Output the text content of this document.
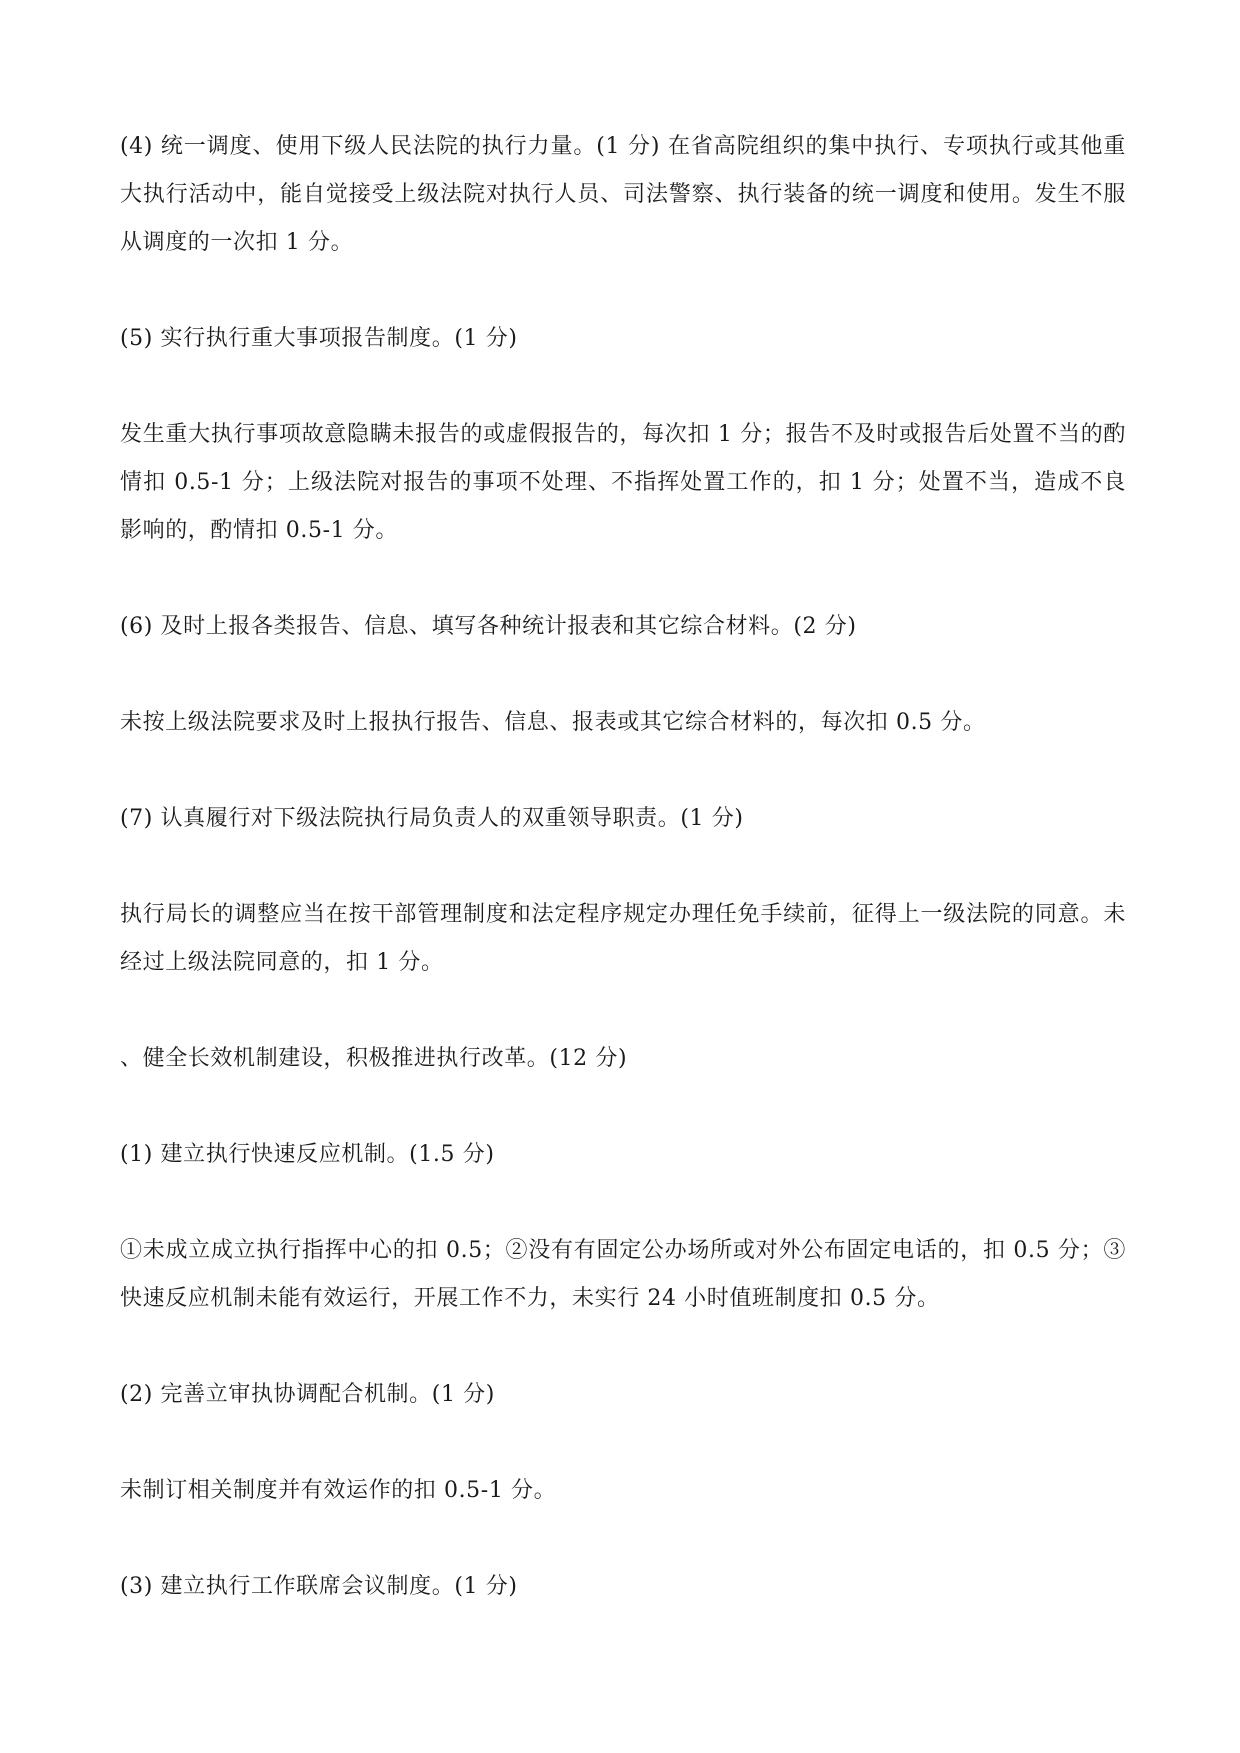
(4) 统一调度、使用下级人民法院的执行力量。(1 分) 在省高院组织的集中执行、专项执行或其他重大执行活动中，能自觉接受上级法院对执行人员、司法警察、执行装备的统一调度和使用。发生不服从调度的一次扣 1 分。

(5) 实行执行重大事项报告制度。(1 分)

发生重大执行事项故意隐瞒未报告的或虚假报告的，每次扣 1 分；报告不及时或报告后处置不当的酌情扣 0.5-1 分；上级法院对报告的事项不处理、不指挥处置工作的，扣 1 分；处置不当，造成不良影响的，酌情扣 0.5-1 分。

(6) 及时上报各类报告、信息、填写各种统计报表和其它综合材料。(2 分)

未按上级法院要求及时上报执行报告、信息、报表或其它综合材料的，每次扣 0.5 分。

(7) 认真履行对下级法院执行局负责人的双重领导职责。(1 分)

执行局长的调整应当在按干部管理制度和法定程序规定办理任免手续前，征得上一级法院的同意。未经过上级法院同意的，扣 1 分。

、健全长效机制建设，积极推进执行改革。(12 分)

(1) 建立执行快速反应机制。(1.5 分)

①未成立成立执行指挥中心的扣 0.5；②没有有固定公办场所或对外公布固定电话的，扣 0.5 分；③快速反应机制未能有效运行，开展工作不力，未实行 24 小时值班制度扣 0.5 分。

(2) 完善立审执协调配合机制。(1 分)

未制订相关制度并有效运作的扣 0.5-1 分。

(3) 建立执行工作联席会议制度。(1 分)
